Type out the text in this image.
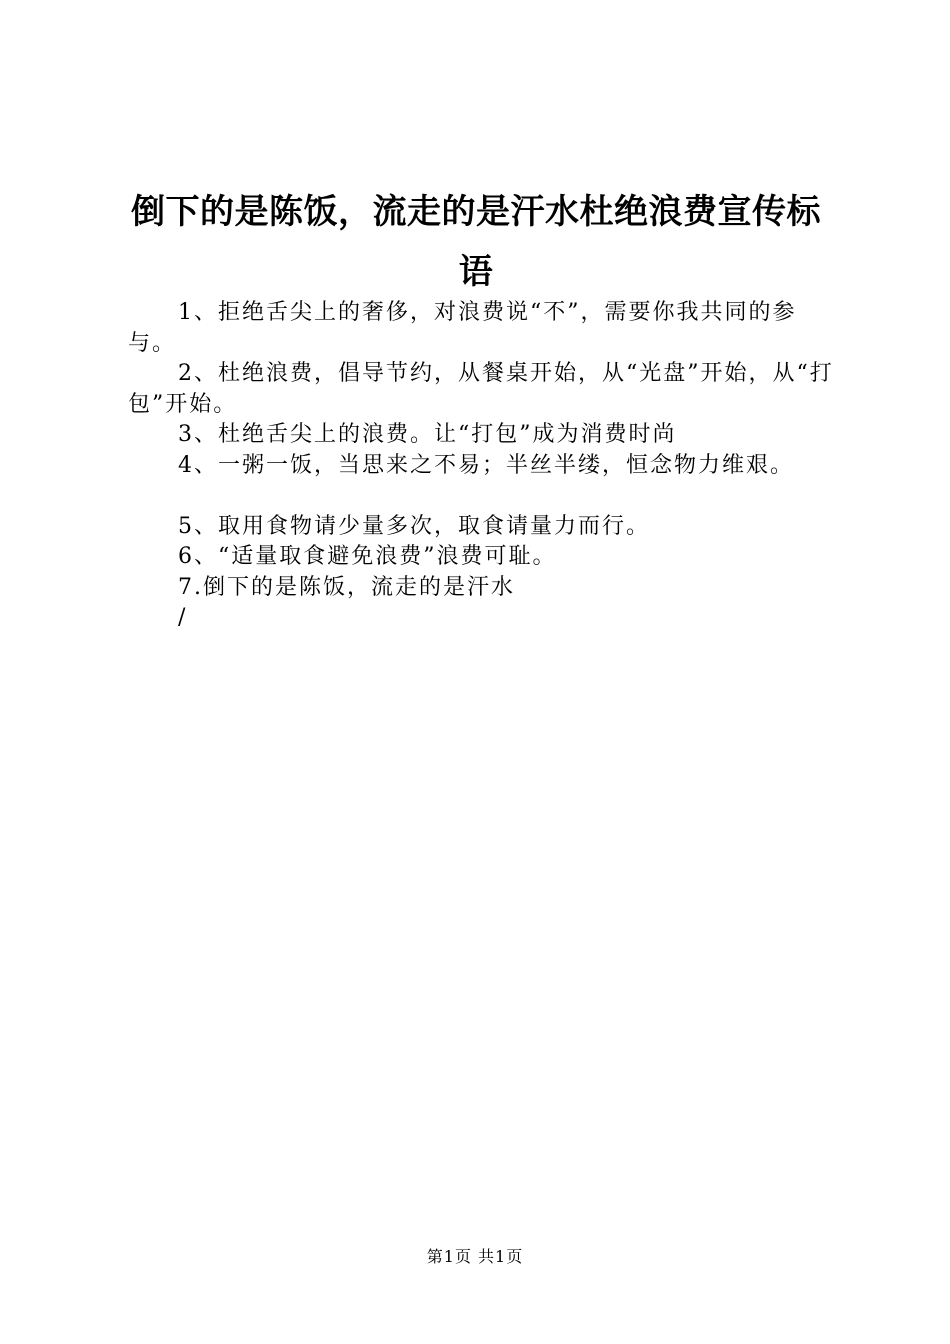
倒下的是陈饭，流走的是汗水杜绝浪费宣传标语

1、拒绝舌尖上的奢侈，对浪费说“不”，需要你我共同的参与。

2、杜绝浪费，倡导节约，从餐桌开始，从“光盘”开始，从“打包”开始。

3、杜绝舌尖上的浪费。让“打包”成为消费时尚

4、一粥一饭，当思来之不易；半丝半缕，恒念物力维艰。

5、取用食物请少量多次，取食请量力而行。

6、“适量取食避免浪费”浪费可耻。

7.倒下的是陈饭，流走的是汗水

/

第1页 共1页
